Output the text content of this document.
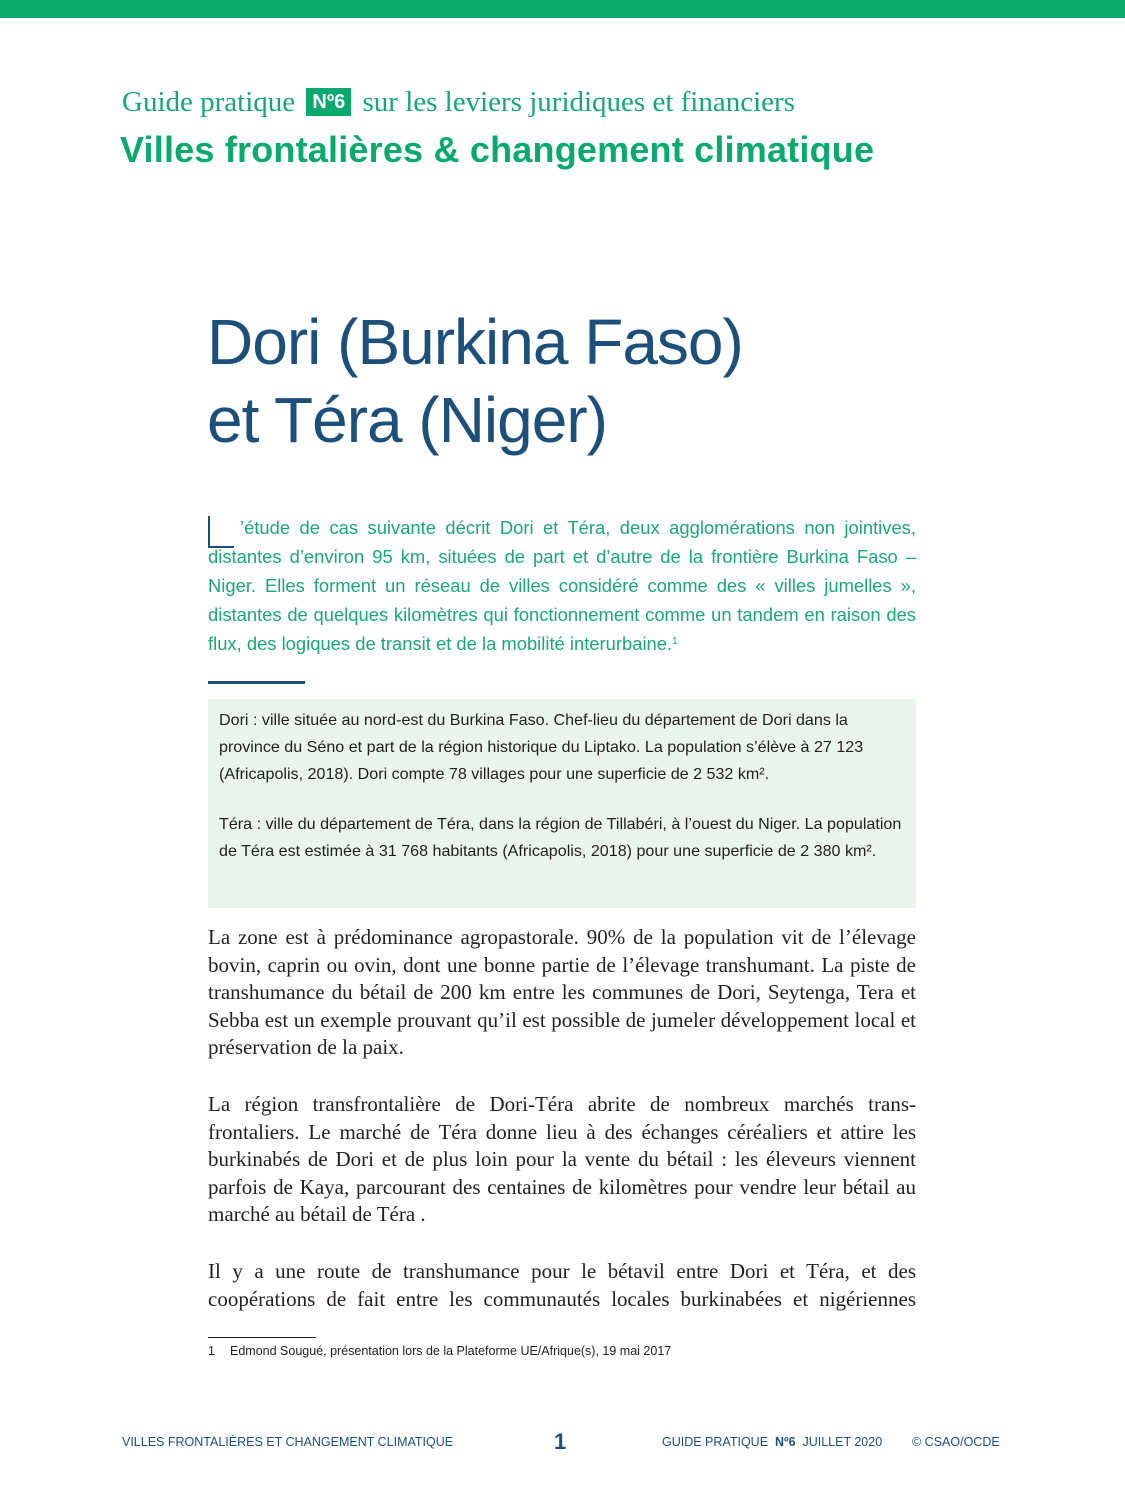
Guide pratique Nº6 sur les leviers juridiques et financiers
Villes frontalières & changement climatique
Dori (Burkina Faso)
et Téra (Niger)
’étude de cas suivante décrit Dori et Téra, deux agglomérations non jointives, distantes d’environ 95 km, situées de part et d’autre de la frontière Burkina Faso – Niger. Elles forment un réseau de villes considéré comme des « villes jumelles », distantes de quelques kilomètres qui fonctionnement comme un tandem en raison des flux, des logiques de transit et de la mobilité interurbaine.$^1$

Dori : ville située au nord-est du Burkina Faso. Chef-lieu du département de Dori dans la province du Séno et part de la région historique du Liptako. La population s’élève à 27 123 (Africapolis, 2018). Dori compte 78 villages pour une superficie de 2 532 km².

Téra : ville du département de Téra, dans la région de Tillabéri, à l’ouest du Niger. La population de Téra est estimée à 31 768 habitants (Africapolis, 2018) pour une superficie de 2 380 km².

La zone est à prédominance agropastorale. 90% de la population vit de l’élevage bovin, caprin ou ovin, dont une bonne partie de l’élevage transhumant. La piste de transhumance du bétail de 200 km entre les communes de Dori, Seytenga, Tera et Sebba est un exemple prouvant qu’il est possible de jumeler développement local et préservation de la paix.

La région transfrontalière de Dori-Téra abrite de nombreux marchés transfrontaliers. Le marché de Téra donne lieu à des échanges céréaliers et attire les burkinabés de Dori et de plus loin pour la vente du bétail : les éleveurs viennent parfois de Kaya, parcourant des centaines de kilomètres pour vendre leur bétail au marché au bétail de Téra .

Il y a une route de transhumance pour le bétavil entre Dori et Téra, et des coopérations de fait entre les communautés locales burkinabées et nigériennes

1 Edmond Sougué, présentation lors de la Plateforme UE/Afrique(s), 19 mai 2017
VILLES FRONTALIÈRES ET CHANGEMENT CLIMATIQUE	1	GUIDE PRATIQUE Nº6 JUILLET 2020 © CSAO/OCDE
